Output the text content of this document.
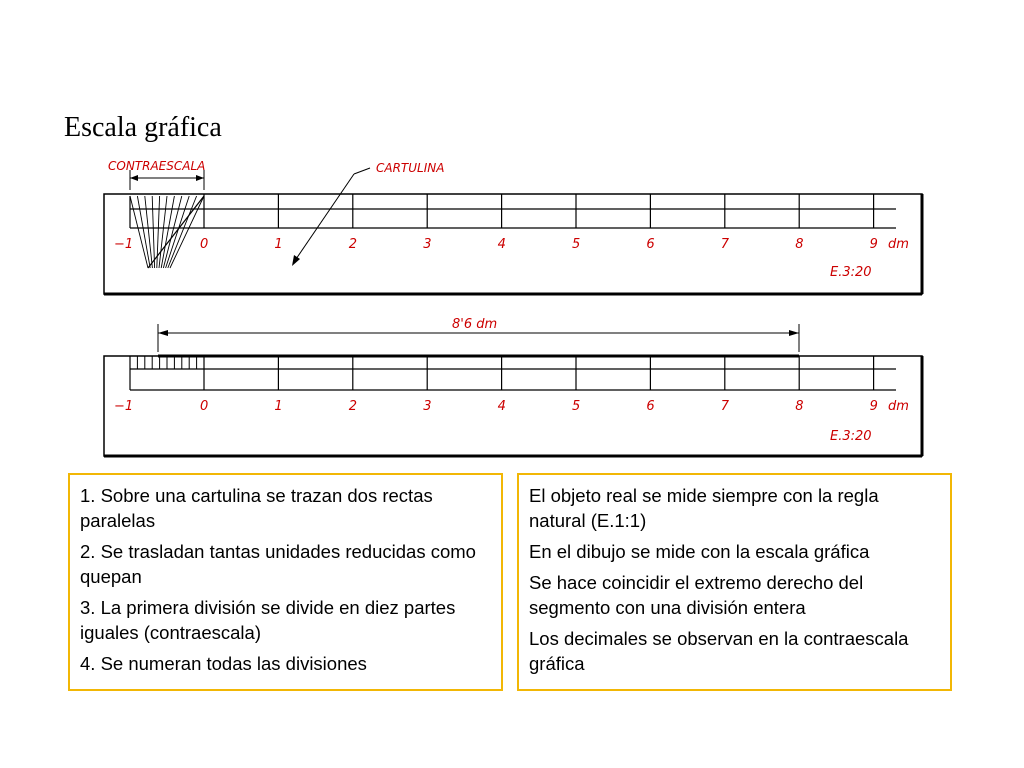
Escala gráfica
−1	0	1	2	3	4	5	6	7	8	9 dm
E.3:20
CONTRAESCALA	CARTULINA
8'6 dm
−1	0	1	2	3	4	5	6	7	8	9 dm
E.3:20

1. Sobre una cartulina se trazan dos rectas paralelas

2. Se trasladan tantas unidades reducidas como quepan

3. La primera división se divide en diez partes iguales (contraescala)

4. Se numeran todas las divisiones

El objeto real se mide siempre con la regla natural (E.1:1)

En el dibujo se mide con la escala gráfica

Se hace coincidir el extremo derecho del segmento con una división entera

Los decimales se observan en la contraescala gráfica
